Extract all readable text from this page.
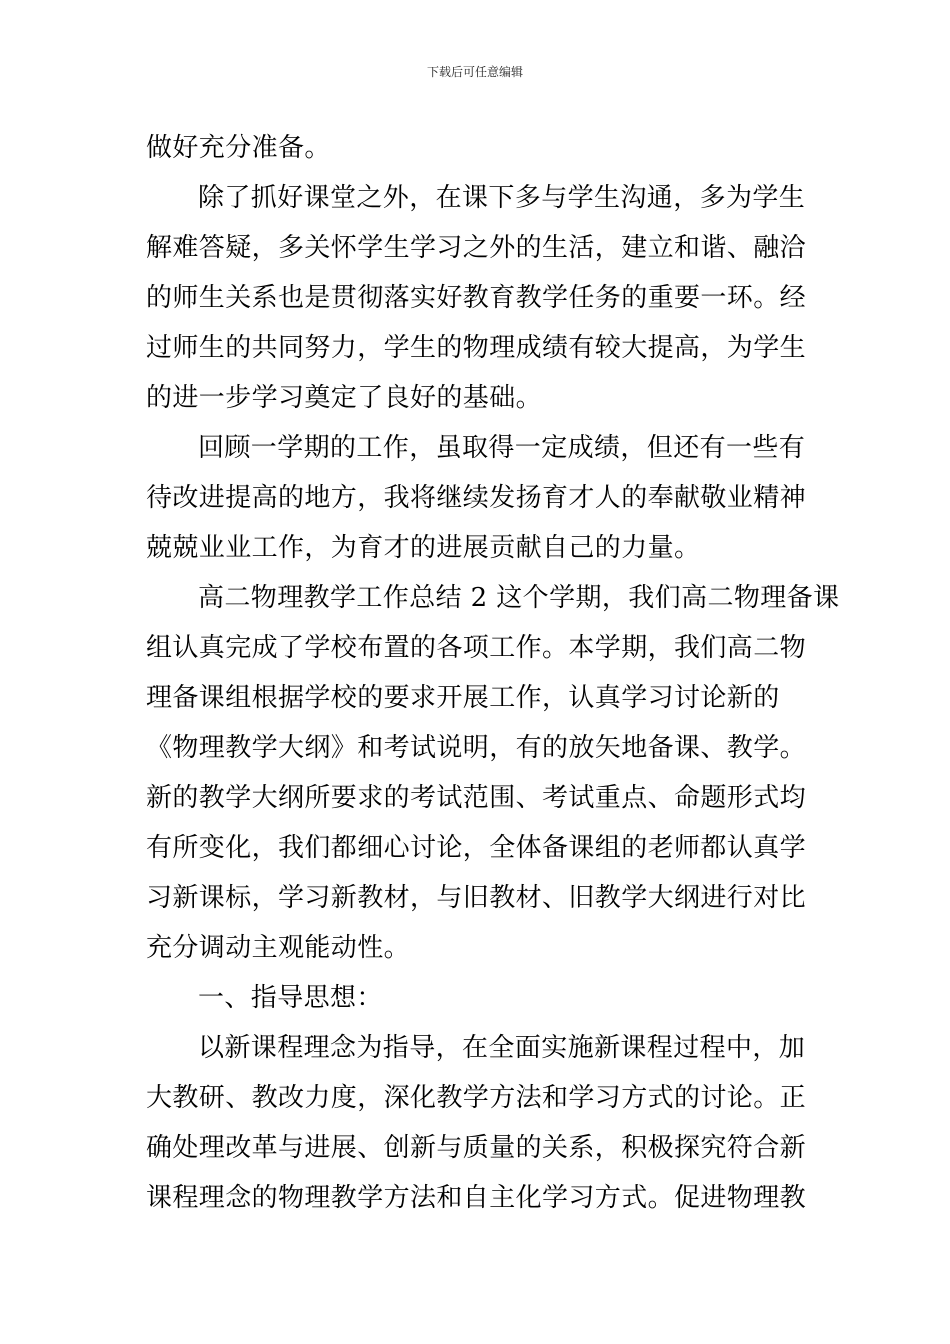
下载后可任意编辑
做好充分准备。
除了抓好课堂之外，在课下多与学生沟通，多为学生
解难答疑，多关怀学生学习之外的生活，建立和谐、融洽
的师生关系也是贯彻落实好教育教学任务的重要一环。经
过师生的共同努力，学生的物理成绩有较大提高，为学生
的进一步学习奠定了良好的基础。
回顾一学期的工作，虽取得一定成绩，但还有一些有
待改进提高的地方，我将继续发扬育才人的奉献敬业精神
兢兢业业工作，为育才的进展贡献自己的力量。
高二物理教学工作总结 2 这个学期，我们高二物理备课
组认真完成了学校布置的各项工作。本学期，我们高二物
理备课组根据学校的要求开展工作，认真学习讨论新的
《物理教学大纲》和考试说明，有的放矢地备课、教学。
新的教学大纲所要求的考试范围、考试重点、命题形式均
有所变化，我们都细心讨论，全体备课组的老师都认真学
习新课标，学习新教材，与旧教材、旧教学大纲进行对比
充分调动主观能动性。
一、指导思想：
以新课程理念为指导，在全面实施新课程过程中，加
大教研、教改力度，深化教学方法和学习方式的讨论。正
确处理改革与进展、创新与质量的关系，积极探究符合新
课程理念的物理教学方法和自主化学习方式。促进物理教
